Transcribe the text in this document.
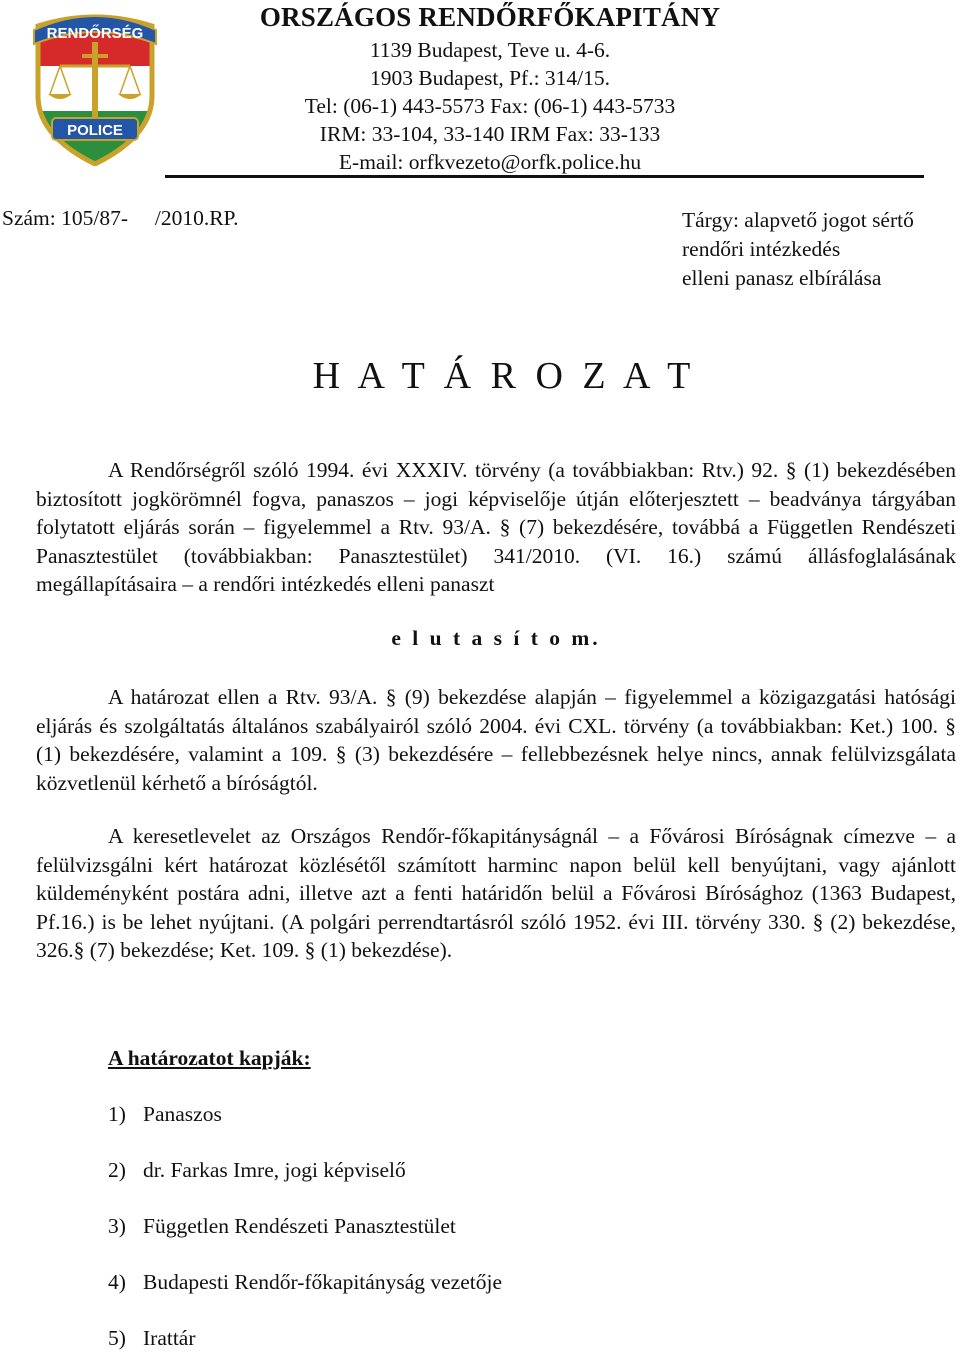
RENDŐRSÉG
POLICE
ORSZÁGOS RENDŐRFŐKAPITÁNY
1139 Budapest, Teve u. 4-6.
1903 Budapest, Pf.: 314/15.
Tel: (06-1) 443-5573 Fax: (06-1) 443-5733
IRM: 33-104, 33-140 IRM Fax: 33-133
E-mail: orfkvezeto@orfk.police.hu
Szám: 105/87-     /2010.RP.	Tárgy: alapvető jogot sértő
rendőri intézkedés
elleni panasz elbírálása
H A T Á R O Z A T
A Rendőrségről szóló 1994. évi XXXIV. törvény (a továbbiakban: Rtv.) 92. § (1) bekezdésében biztosított jogkörömnél fogva, panaszos – jogi képviselője útján előterjesztett – beadványa tárgyában folytatott eljárás során – figyelemmel a Rtv. 93/A. § (7) bekezdésére, továbbá a Független Rendészeti Panasztestület (továbbiakban: Panasztestület) 341/2010. (VI. 16.) számú állásfoglalásának megállapításaira – a rendőri intézkedés elleni panaszt
e l u t a s í t o m.
A határozat ellen a Rtv. 93/A. § (9) bekezdése alapján – figyelemmel a közigazgatási hatósági eljárás és szolgáltatás általános szabályairól szóló 2004. évi CXL. törvény (a továbbiakban: Ket.) 100. § (1) bekezdésére, valamint a 109. § (3) bekezdésére – fellebbezésnek helye nincs, annak felülvizsgálata közvetlenül kérhető a bíróságtól.
A keresetlevelet az Országos Rendőr-főkapitányságnál – a Fővárosi Bíróságnak címezve – a felülvizsgálni kért határozat közlésétől számított harminc napon belül kell benyújtani, vagy ajánlott küldeményként postára adni, illetve azt a fenti határidőn belül a Fővárosi Bírósághoz (1363 Budapest, Pf.16.) is be lehet nyújtani. (A polgári perrendtartásról szóló 1952. évi III. törvény 330. § (2) bekezdése, 326.§ (7) bekezdése; Ket. 109. § (1) bekezdése).
A határozatot kapják:
1) Panaszos
2) dr. Farkas Imre, jogi képviselő
3) Független Rendészeti Panasztestület
4) Budapesti Rendőr-főkapitányság vezetője
5) Irattár
